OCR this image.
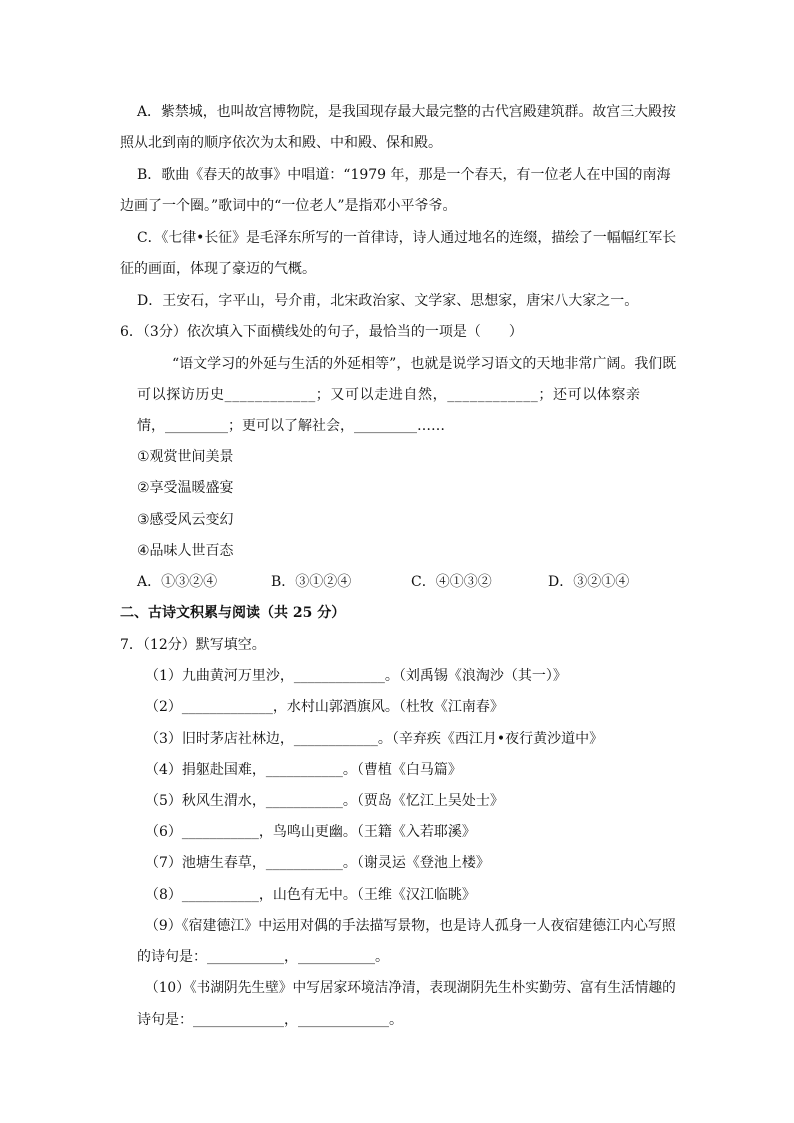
A．紫禁城，也叫故宫博物院，是我国现存最大最完整的古代宫殿建筑群。故宫三大殿按
照从北到南的顺序依次为太和殿、中和殿、保和殿。
B．歌曲《春天的故事》中唱道：“1979 年，那是一个春天，有一位老人在中国的南海
边画了一个圈。”歌词中的“一位老人”是指邓小平爷爷。
C．《七律•长征》是毛泽东所写的一首律诗，诗人通过地名的连缀，描绘了一幅幅红军长
征的画面，体现了豪迈的气概。
D．王安石，字平山，号介甫，北宋政治家、文学家、思想家，唐宋八大家之一。
6．（3分）依次填入下面横线处的句子，最恰当的一项是（　　）
“语文学习的外延与生活的外延相等”，也就是说学习语文的天地非常广阔。我们既
可以探访历史____________；又可以走进自然，____________；还可以体察亲
情，_________；更可以了解社会，_________……
①观赏世间美景
②享受温暖盛宴
③感受风云变幻
④品味人世百态
A．①③②④	B．③①②④	C．④①③②	D．③②①④
二、古诗文积累与阅读（共 25 分）
7．（12分）默写填空。
（1）九曲黄河万里沙，_____________。（刘禹锡《浪淘沙（其一）》
（2）_____________，水村山郭酒旗风。（杜牧《江南春》
（3）旧时茅店社林边，____________。（辛弃疾《西江月•夜行黄沙道中》
（4）捐躯赴国难，___________。（曹植《白马篇》
（5）秋风生渭水，___________。（贾岛《忆江上吴处士》
（6）___________，鸟鸣山更幽。（王籍《入若耶溪》
（7）池塘生春草，___________。（谢灵运《登池上楼》
（8）___________，山色有无中。（王维《汉江临眺》
（9）《宿建德江》中运用对偶的手法描写景物，也是诗人孤身一人夜宿建德江内心写照
的诗句是：___________，___________。
（10）《书湖阴先生壁》中写居家环境洁净清，表现湖阴先生朴实勤劳、富有生活情趣的
诗句是：_____________，_____________。
